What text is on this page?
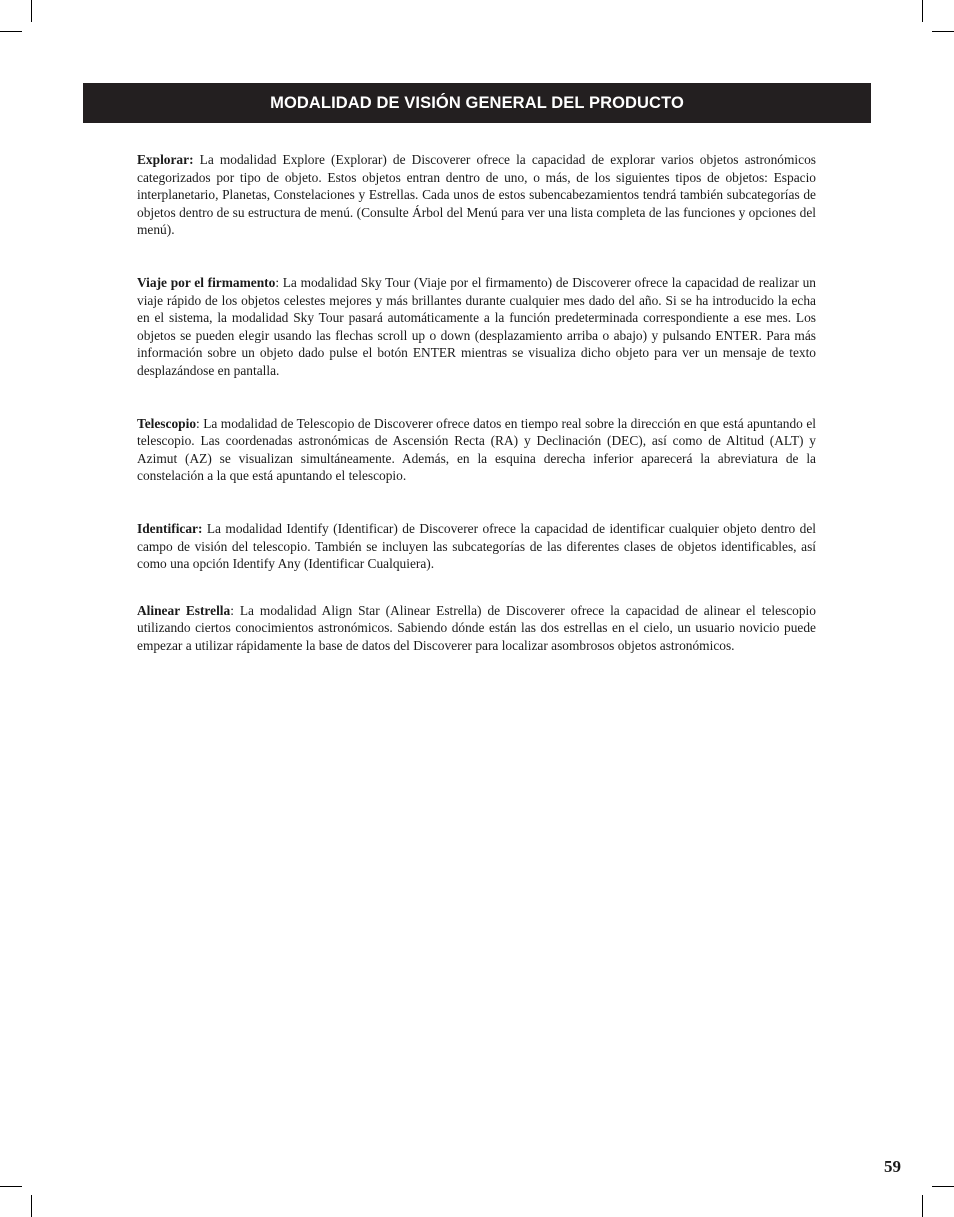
MODALIDAD DE VISIÓN GENERAL DEL PRODUCTO

Explorar: La modalidad Explore (Explorar) de Discoverer ofrece la capacidad de explorar varios objetos astronómicos categorizados por tipo de objeto. Estos objetos entran dentro de uno, o más, de los siguientes tipos de objetos: Espacio interplanetario, Planetas, Constelaciones y Estrellas. Cada unos de estos subencabezamientos tendrá también subcategorías de objetos dentro de su estructura de menú. (Consulte Árbol del Menú para ver una lista completa de las funciones y opciones del menú).

Viaje por el firmamento: La modalidad Sky Tour (Viaje por el firmamento) de Discoverer ofrece la capacidad de realizar un viaje rápido de los objetos celestes mejores y más brillantes durante cualquier mes dado del año. Si se ha introducido la echa en el sistema, la modalidad Sky Tour pasará automáticamente a la función predeterminada correspondiente a ese mes. Los objetos se pueden elegir usando las flechas scroll up o down (desplazamiento arriba o abajo) y pulsando ENTER. Para más información sobre un objeto dado pulse el botón ENTER mientras se visualiza dicho objeto para ver un mensaje de texto desplazándose en pantalla.

Telescopio: La modalidad de Telescopio de Discoverer ofrece datos en tiempo real sobre la dirección en que está apuntando el telescopio. Las coordenadas astronómicas de Ascensión Recta (RA) y Declinación (DEC), así como de Altitud (ALT) y Azimut (AZ) se visualizan simultáneamente. Además, en la esquina derecha inferior aparecerá la abreviatura de la constelación a la que está apuntando el telescopio.

Identificar: La modalidad Identify (Identificar) de Discoverer ofrece la capacidad de identificar cualquier objeto dentro del campo de visión del telescopio. También se incluyen las subcategorías de las diferentes clases de objetos identificables, así como una opción Identify Any (Identificar Cualquiera).

Alinear Estrella: La modalidad Align Star (Alinear Estrella) de Discoverer ofrece la capacidad de alinear el telescopio utilizando ciertos conocimientos astronómicos. Sabiendo dónde están las dos estrellas en el cielo, un usuario novicio puede empezar a utilizar rápidamente la base de datos del Discoverer para localizar asombrosos objetos astronómicos.

59
